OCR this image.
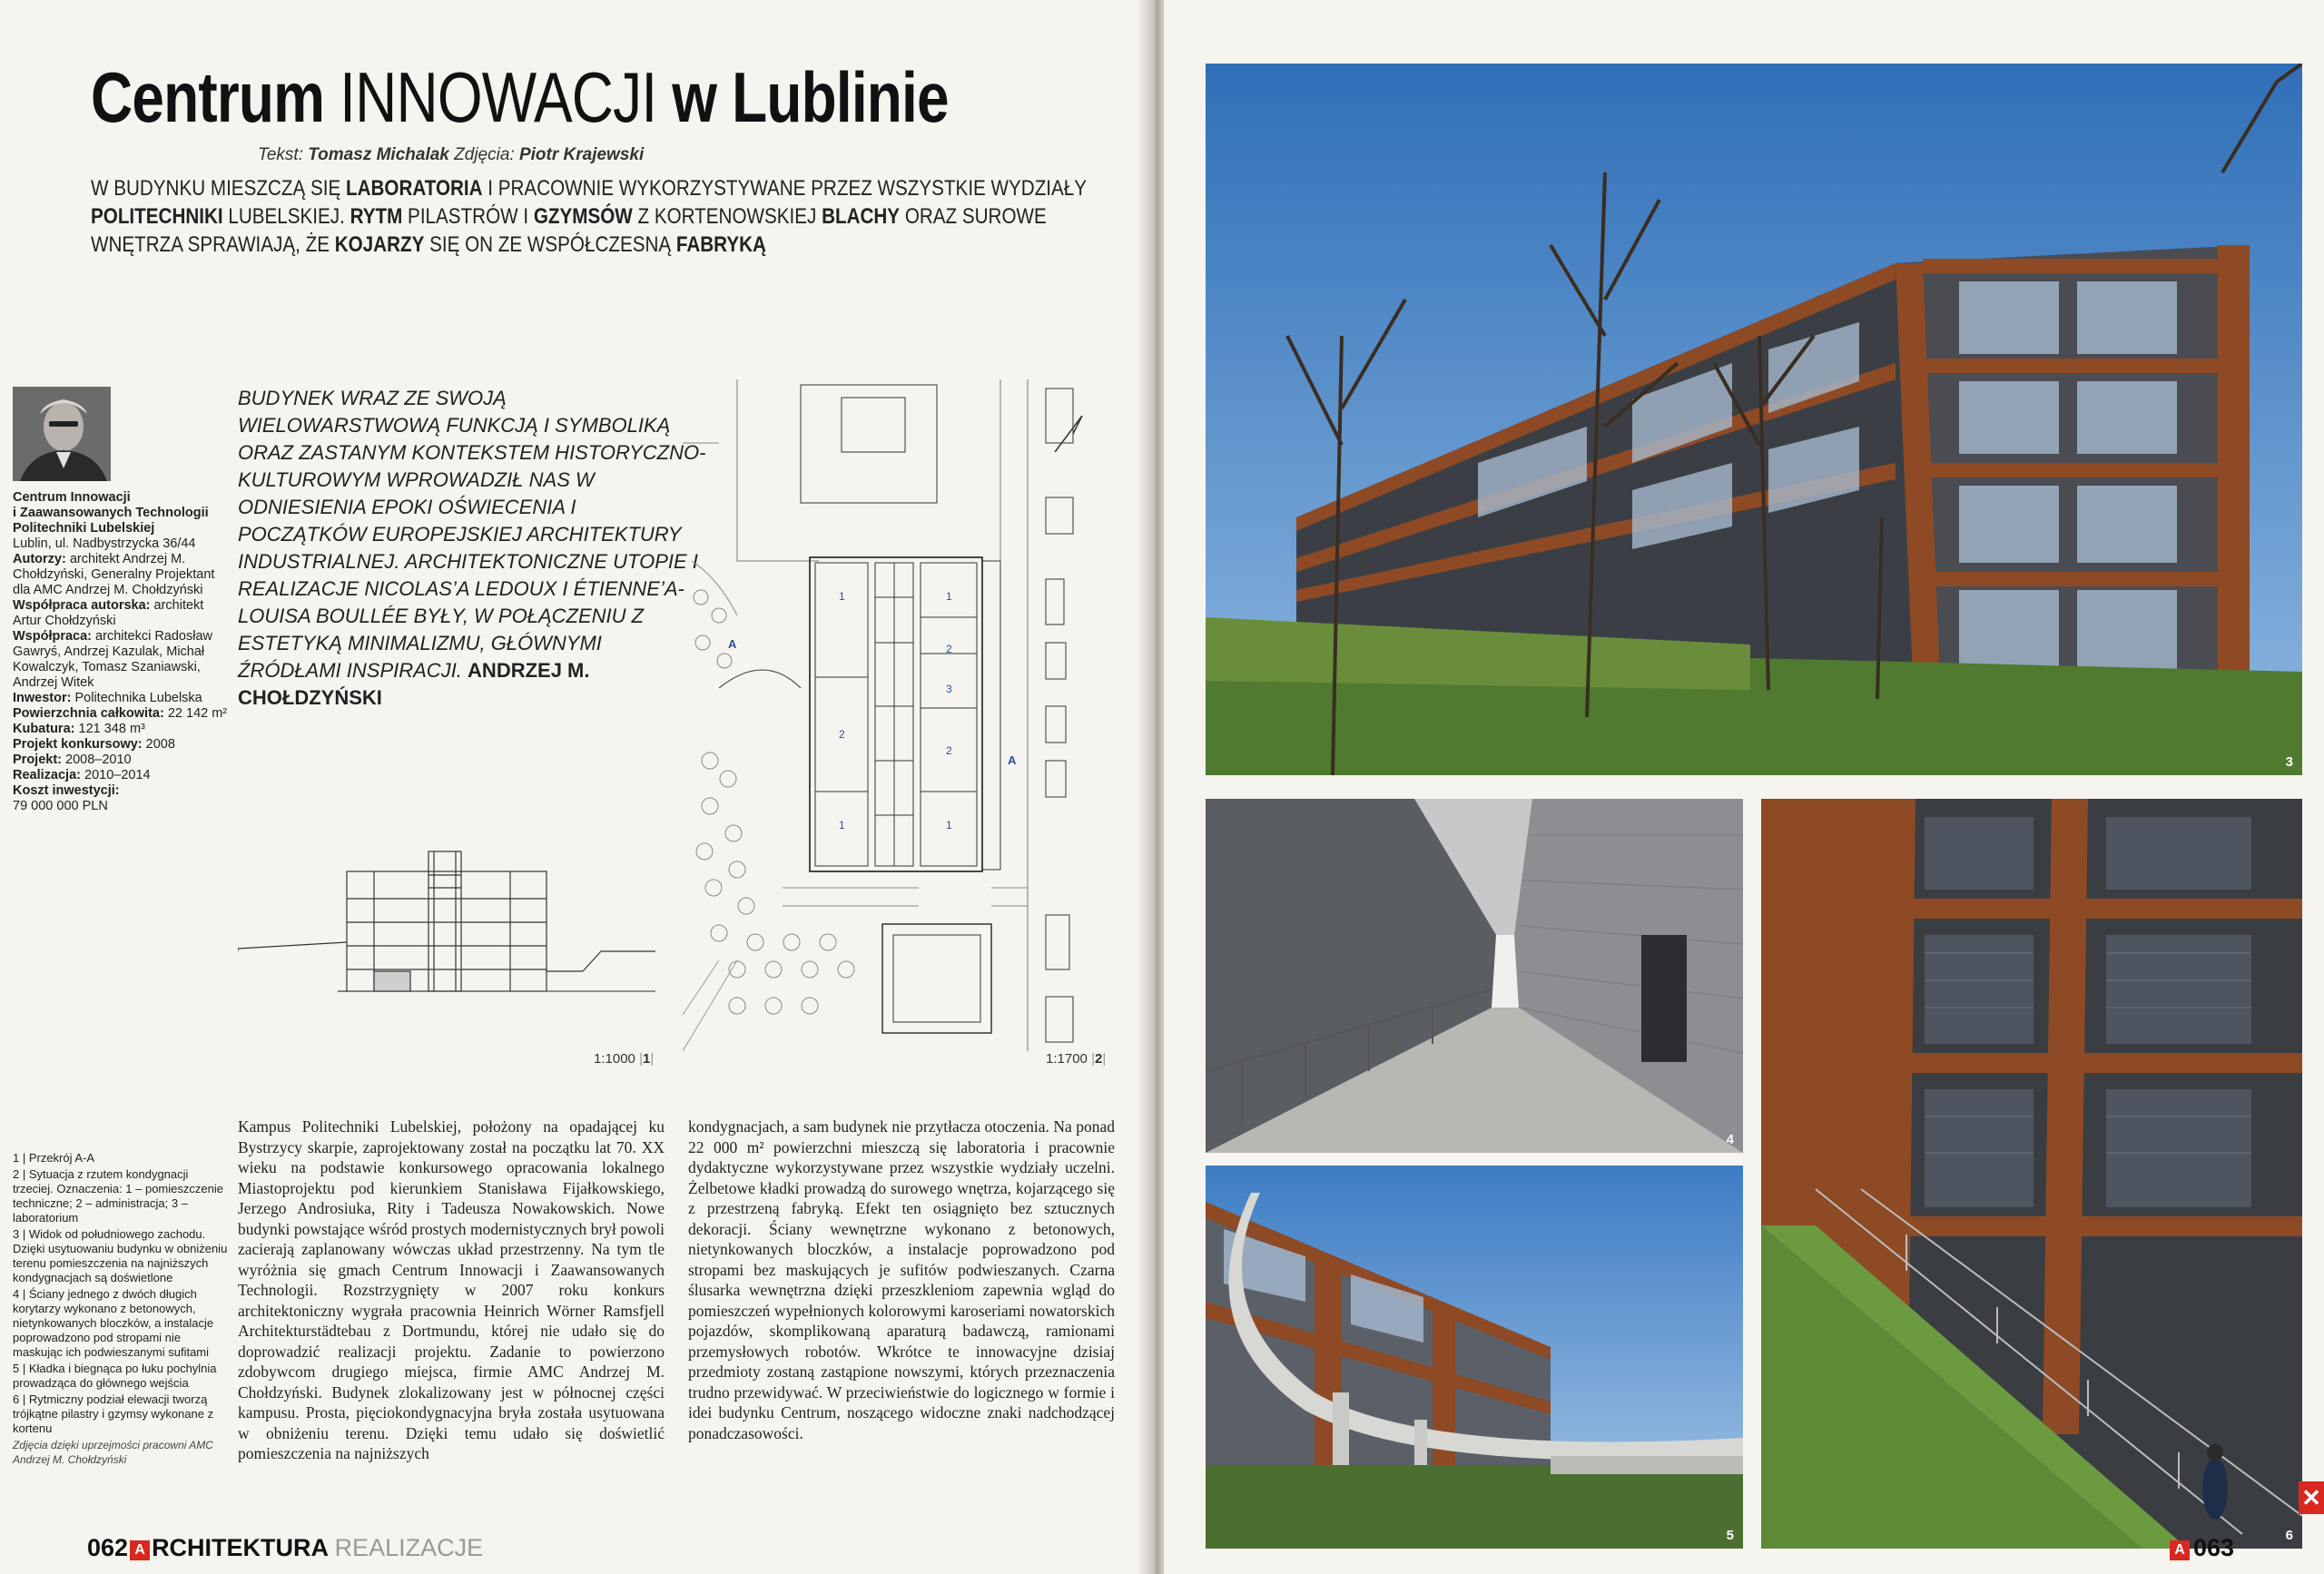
Centrum INNOWACJI w Lublinie
Tekst: Tomasz Michalak Zdjęcia: Piotr Krajewski
W BUDYNKU MIESZCZĄ SIĘ LABORATORIA I PRACOWNIE WYKORZYSTYWANE PRZEZ WSZYSTKIE WYDZIAŁY POLITECHNIKI LUBELSKIEJ. RYTM PILASTRÓW I GZYMSÓW Z KORTENOWSKIEJ BLACHY ORAZ SUROWE WNĘTRZA SPRAWIAJĄ, ŻE KOJARZY SIĘ ON ZE WSPÓŁCZESNĄ FABRYKĄ

Centrum Innowacji

i Zaawansowanych Technologii

Politechniki Lubelskiej

Lublin, ul. Nadbystrzycka 36/44

Autorzy: architekt Andrzej M. Chołdzyński, Generalny Projektant dla AMC Andrzej M. Chołdzyński

Współpraca autorska: architekt Artur Chołdzyński

Współpraca: architekci Radosław Gawryś, Andrzej Kazulak, Michał Kowalczyk, Tomasz Szaniawski, Andrzej Witek

Inwestor: Politechnika Lubelska

Powierzchnia całkowita: 22 142 m²

Kubatura: 121 348 m³

Projekt konkursowy: 2008

Projekt: 2008–2010

Realizacja: 2010–2014

Koszt inwestycji:

79 000 000 PLN

BUDYNEK WRAZ ZE SWOJĄ WIELOWARSTWOWĄ FUNKCJĄ I SYMBOLIKĄ ORAZ ZASTANYM KONTEKSTEM HISTORYCZNO-KULTUROWYM WPROWADZIŁ NAS W ODNIESIENIA EPOKI OŚWIECENIA I POCZĄTKÓW EUROPEJSKIEJ ARCHITEKTURY INDUSTRIALNEJ. ARCHITEKTONICZNE UTOPIE I REALIZACJE NICOLAS’A LEDOUX I ÉTIENNE’A-LOUISA BOULLÉE BYŁY, W POŁĄCZENIU Z ESTETYKĄ MINIMALIZMU, GŁÓWNYMI ŹRÓDŁAMI INSPIRACJI. ANDRZEJ M. CHOŁDZYŃSKI
1:1000 |1|
1	1
2
3
2
2
1	1
A
A
1:1700 |2|

1 | Przekrój A-A

2 | Sytuacja z rzutem kondygnacji trzeciej. Oznaczenia: 1 – pomieszczenie techniczne; 2 – administracja; 3 – laboratorium

3 | Widok od południowego zachodu. Dzięki usytuowaniu budynku w obniżeniu terenu pomieszczenia na najniższych kondygnacjach są doświetlone

4 | Ściany jednego z dwóch długich korytarzy wykonano z betonowych, nietynkowanych bloczków, a instalacje poprowadzono pod stropami nie maskując ich podwieszanymi sufitami

5 | Kładka i biegnąca po łuku pochylnia prowadząca do głównego wejścia

6 | Rytmiczny podział elewacji tworzą trójkątne pilastry i gzymsy wykonane z kortenu

Zdjęcia dzięki uprzejmości pracowni AMC Andrzej M. Chołdzyński

Kampus Politechniki Lubelskiej, położony na opadającej ku Bystrzycy skarpie, zaprojektowany został na początku lat 70. XX wieku na podstawie konkursowego opracowania lokalnego Miastoprojektu pod kierunkiem Stanisława Fijałkowskiego, Jerzego Androsiuka, Rity i Tadeusza Nowakowskich. Nowe budynki powstające wśród prostych modernistycznych brył powoli zacierają zaplanowany wówczas układ przestrzenny. Na tym tle wyróżnia się gmach Centrum Innowacji i Zaawansowanych Technologii. Rozstrzygnięty w 2007 roku konkurs architektoniczny wygrała pracownia Heinrich Wörner Ramsfjell Architekturstädtebau z Dortmundu, której nie udało się do doprowadzić realizacji projektu. Zadanie to powierzono zdobywcom drugiego miejsca, firmie AMC Andrzej M. Chołdzyński. Budynek zlokalizowany jest w północnej części kampusu. Prosta, pięciokondygnacyjna bryła została usytuowana w obniżeniu terenu. Dzięki temu udało się doświetlić pomieszczenia na najniższych
kondygnacjach, a sam budynek nie przytłacza otoczenia. Na ponad 22 000 m² powierzchni mieszczą się laboratoria i pracownie dydaktyczne wykorzystywane przez wszystkie wydziały uczelni. Żelbetowe kładki prowadzą do surowego wnętrza, kojarzącego się z przestrzeną fabryką. Efekt ten osiągnięto bez sztucznych dekoracji. Ściany wewnętrzne wykonano z betonowych, nietynkowanych bloczków, a instalacje poprowadzono pod stropami bez maskujących je sufitów podwieszanych. Czarna ślusarka wewnętrzna dzięki przeszkleniom zapewnia wgląd do pomieszczeń wypełnionych kolorowymi karoseriami nowatorskich pojazdów, skomplikowaną aparaturą badawczą, ramionami przemysłowych robotów. Wkrótce te innowacyjne dzisiaj przedmioty zostaną zastąpione nowszymi, których przeznaczenia trudno przewidywać. W przeciwieństwie do logicznego w formie i idei budynku Centrum, noszącego widoczne znaki nadchodzącej ponadczasowości.
062 A RCHITEKTURA REALIZACJE
3
4
5	6
✕
A 063
